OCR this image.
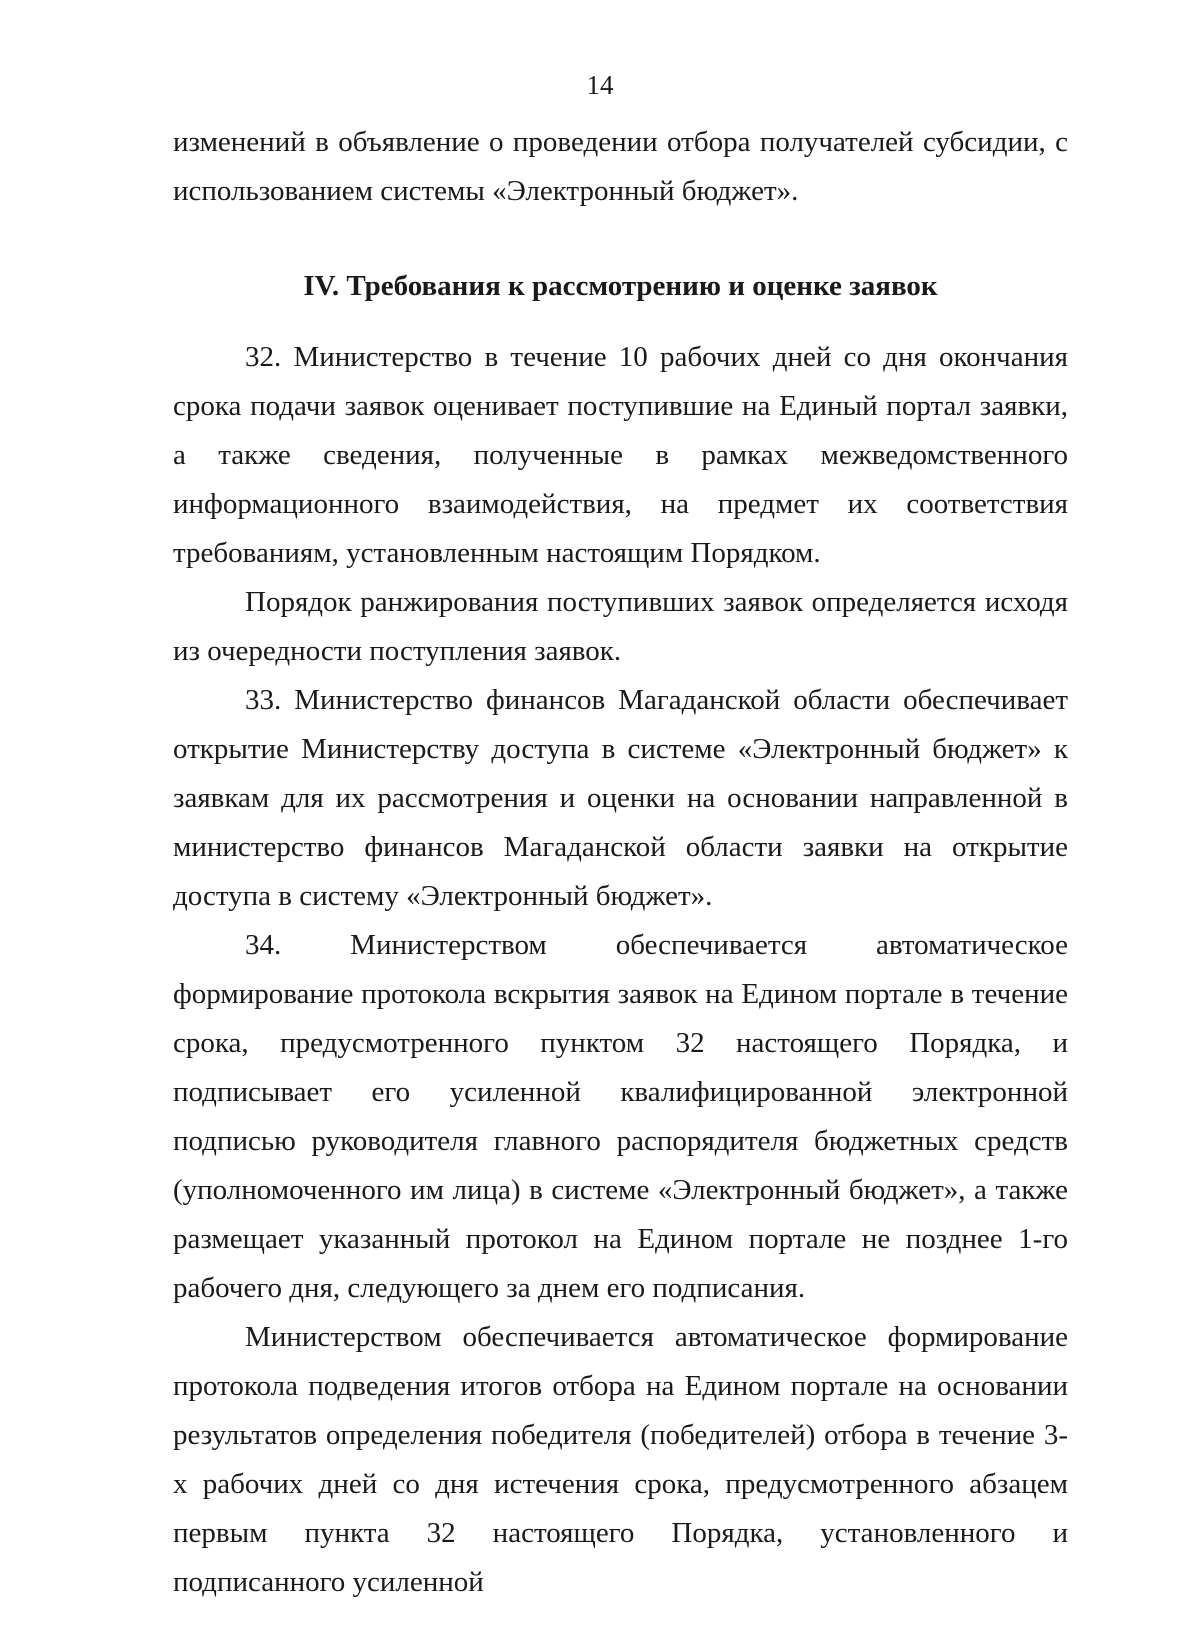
14

изменений в объявление о проведении отбора получателей субсидии, с использованием системы «Электронный бюджет».

IV. Требования к рассмотрению и оценке заявок

32. Министерство в течение 10 рабочих дней со дня окончания срока подачи заявок оценивает поступившие на Единый портал заявки, а также сведения, полученные в рамках межведомственного информационного взаимодействия, на предмет их соответствия требованиям, установленным настоящим Порядком.

Порядок ранжирования поступивших заявок определяется исходя из очередности поступления заявок.

33. Министерство финансов Магаданской области обеспечивает открытие Министерству доступа в системе «Электронный бюджет» к заявкам для их рассмотрения и оценки на основании направленной в министерство финансов Магаданской области заявки на открытие доступа в систему «Электронный бюджет».

34. Министерством обеспечивается автоматическое формирование протокола вскрытия заявок на Едином портале в течение срока, предусмотренного пунктом 32 настоящего Порядка, и подписывает его усиленной квалифицированной электронной подписью руководителя главного распорядителя бюджетных средств (уполномоченного им лица) в системе «Электронный бюджет», а также размещает указанный протокол на Едином портале не позднее 1-го рабочего дня, следующего за днем его подписания.

Министерством обеспечивается автоматическое формирование протокола подведения итогов отбора на Едином портале на основании результатов определения победителя (победителей) отбора в течение 3-х рабочих дней со дня истечения срока, предусмотренного абзацем первым пункта 32 настоящего Порядка, установленного и подписанного усиленной
